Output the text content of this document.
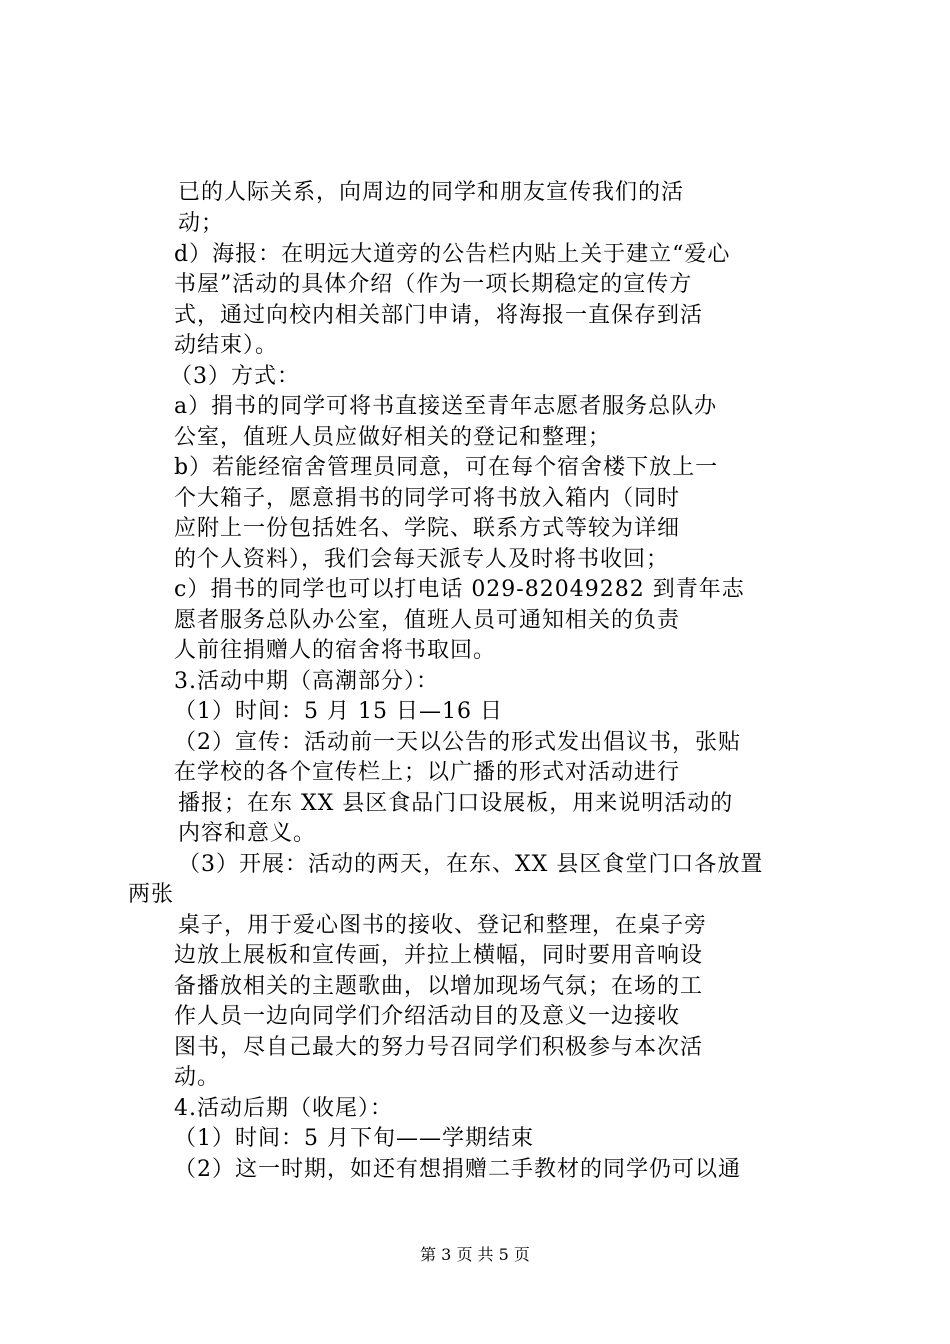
已的人际关系，向周边的同学和朋友宣传我们的活
动；
d）海报：在明远大道旁的公告栏内贴上关于建立“爱心
书屋”活动的具体介绍（作为一项长期稳定的宣传方
式，通过向校内相关部门申请，将海报一直保存到活
动结束）。
（3）方式：
a）捐书的同学可将书直接送至青年志愿者服务总队办
公室，值班人员应做好相关的登记和整理；
b）若能经宿舍管理员同意，可在每个宿舍楼下放上一
个大箱子，愿意捐书的同学可将书放入箱内（同时
应附上一份包括姓名、学院、联系方式等较为详细
的个人资料），我们会每天派专人及时将书收回；
c）捐书的同学也可以打电话 029-82049282 到青年志
愿者服务总队办公室，值班人员可通知相关的负责
人前往捐赠人的宿舍将书取回。
3.活动中期（高潮部分）：
（1）时间：5 月 15 日—16 日
（2）宣传：活动前一天以公告的形式发出倡议书，张贴
在学校的各个宣传栏上；以广播的形式对活动进行
播报；在东 XX 县区食品门口设展板，用来说明活动的
内容和意义。
（3）开展：活动的两天，在东、XX 县区食堂门口各放置
两张
桌子，用于爱心图书的接收、登记和整理，在桌子旁
边放上展板和宣传画，并拉上横幅，同时要用音响设
备播放相关的主题歌曲，以增加现场气氛；在场的工
作人员一边向同学们介绍活动目的及意义一边接收
图书，尽自己最大的努力号召同学们积极参与本次活
动。
4.活动后期（收尾）：
（1）时间：5 月下旬——学期结束
（2）这一时期，如还有想捐赠二手教材的同学仍可以通
第 3 页 共 5 页
